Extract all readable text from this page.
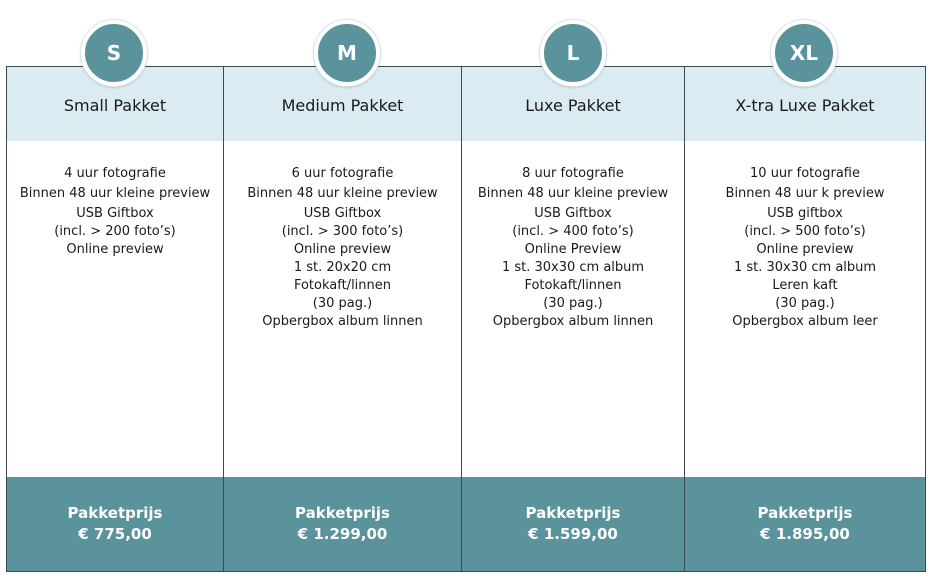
S	M	L	XL
Small Pakket
4 uur fotografie
Binnen 48 uur kleine preview
USB Giftbox
(incl. > 200 foto’s)
Online preview
Pakketprijs
€ 775,00
Medium Pakket
6 uur fotografie
Binnen 48 uur kleine preview
USB Giftbox
(incl. > 300 foto’s)
Online preview
1 st. 20x20 cm
Fotokaft/linnen
(30 pag.)
Opbergbox album linnen
Pakketprijs
€ 1.299,00
Luxe Pakket
8 uur fotografie
Binnen 48 uur kleine preview
USB Giftbox
(incl. > 400 foto’s)
Online Preview
1 st. 30x30 cm album
Fotokaft/linnen
(30 pag.)
Opbergbox album linnen
Pakketprijs
€ 1.599,00
X-tra Luxe Pakket
10 uur fotografie
Binnen 48 uur k preview
USB giftbox
(incl. > 500 foto’s)
Online preview
1 st. 30x30 cm album
Leren kaft
(30 pag.)
Opbergbox album leer
Pakketprijs
€ 1.895,00
